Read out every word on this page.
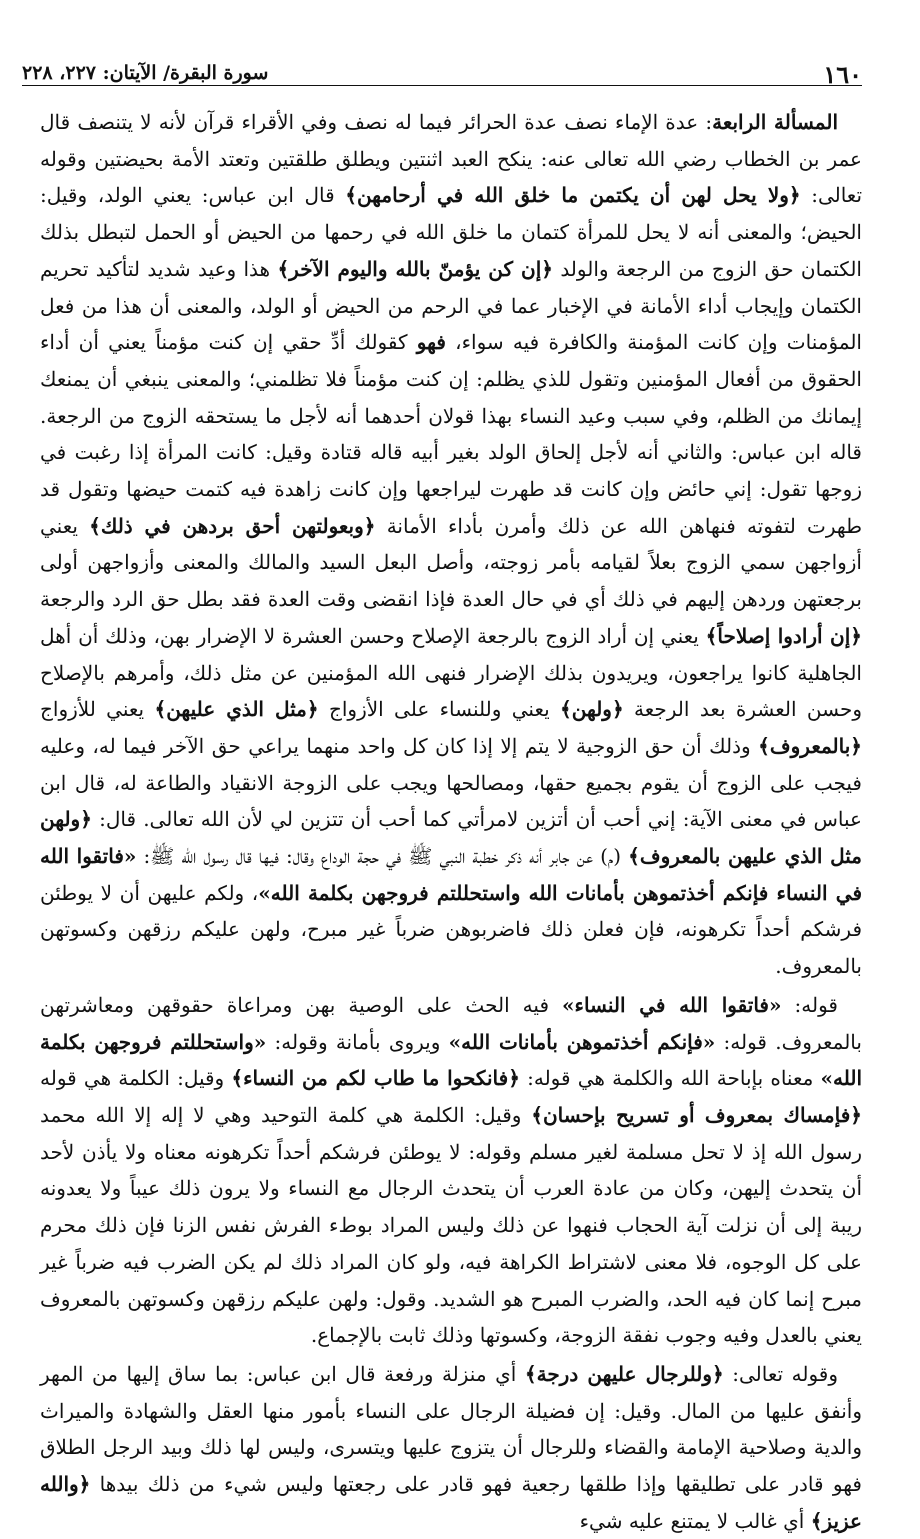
١٦٠
سورة البقرة/ الآيتان: ٢٢٧، ٢٢٨

المسألة الرابعة: عدة الإماء نصف عدة الحرائر فيما له نصف وفي الأقراء قرآن لأنه لا يتنصف قال عمر بن الخطاب رضي الله تعالى عنه: ينكح العبد اثنتين ويطلق طلقتين وتعتد الأمة بحيضتين وقوله تعالى: ﴿ولا يحل لهن أن يكتمن ما خلق الله في أرحامهن﴾ قال ابن عباس: يعني الولد، وقيل: الحيض؛ والمعنى أنه لا يحل للمرأة كتمان ما خلق الله في رحمها من الحيض أو الحمل لتبطل بذلك الكتمان حق الزوج من الرجعة والولد ﴿إن كن يؤمنّ بالله واليوم الآخر﴾ هذا وعيد شديد لتأكيد تحريم الكتمان وإيجاب أداء الأمانة في الإخبار عما في الرحم من الحيض أو الولد، والمعنى أن هذا من فعل المؤمنات وإن كانت المؤمنة والكافرة فيه سواء، فهو كقولك أدِّ حقي إن كنت مؤمناً يعني أن أداء الحقوق من أفعال المؤمنين وتقول للذي يظلم: إن كنت مؤمناً فلا تظلمني؛ والمعنى ينبغي أن يمنعك إيمانك من الظلم، وفي سبب وعيد النساء بهذا قولان أحدهما أنه لأجل ما يستحقه الزوج من الرجعة. قاله ابن عباس: والثاني أنه لأجل إلحاق الولد بغير أبيه قاله قتادة وقيل: كانت المرأة إذا رغبت في زوجها تقول: إني حائض وإن كانت قد طهرت ليراجعها وإن كانت زاهدة فيه كتمت حيضها وتقول قد طهرت لتفوته فنهاهن الله عن ذلك وأمرن بأداء الأمانة ﴿وبعولتهن أحق بردهن في ذلك﴾ يعني أزواجهن سمي الزوج بعلاً لقيامه بأمر زوجته، وأصل البعل السيد والمالك والمعنى وأزواجهن أولى برجعتهن وردهن إليهم في ذلك أي في حال العدة فإذا انقضى وقت العدة فقد بطل حق الرد والرجعة ﴿إن أرادوا إصلاحاً﴾ يعني إن أراد الزوج بالرجعة الإصلاح وحسن العشرة لا الإضرار بهن، وذلك أن أهل الجاهلية كانوا يراجعون، ويريدون بذلك الإضرار فنهى الله المؤمنين عن مثل ذلك، وأمرهم بالإصلاح وحسن العشرة بعد الرجعة ﴿ولهن﴾ يعني وللنساء على الأزواج ﴿مثل الذي عليهن﴾ يعني للأزواج ﴿بالمعروف﴾ وذلك أن حق الزوجية لا يتم إلا إذا كان كل واحد منهما يراعي حق الآخر فيما له، وعليه فيجب على الزوج أن يقوم بجميع حقها، ومصالحها ويجب على الزوجة الانقياد والطاعة له، قال ابن عباس في معنى الآية: إني أحب أن أتزين لامرأتي كما أحب أن تتزين لي لأن الله تعالى. قال: ﴿ولهن مثل الذي عليهن بالمعروف﴾ (م) عن جابر أنه ذكر خطبة النبي ﷺ في حجة الوداع وقال: فيها قال رسول الله ﷺ: «فاتقوا الله في النساء فإنكم أخذتموهن بأمانات الله واستحللتم فروجهن بكلمة الله»، ولكم عليهن أن لا يوطئن فرشكم أحداً تكرهونه، فإن فعلن ذلك فاضربوهن ضرباً غير مبرح، ولهن عليكم رزقهن وكسوتهن بالمعروف.

قوله: «فاتقوا الله في النساء» فيه الحث على الوصية بهن ومراعاة حقوقهن ومعاشرتهن بالمعروف. قوله: «فإنكم أخذتموهن بأمانات الله» ويروى بأمانة وقوله: «واستحللتم فروجهن بكلمة الله» معناه بإباحة الله والكلمة هي قوله: ﴿فانكحوا ما طاب لكم من النساء﴾ وقيل: الكلمة هي قوله ﴿فإمساك بمعروف أو تسريح بإحسان﴾ وقيل: الكلمة هي كلمة التوحيد وهي لا إله إلا الله محمد رسول الله إذ لا تحل مسلمة لغير مسلم وقوله: لا يوطئن فرشكم أحداً تكرهونه معناه ولا يأذن لأحد أن يتحدث إليهن، وكان من عادة العرب أن يتحدث الرجال مع النساء ولا يرون ذلك عيباً ولا يعدونه ريبة إلى أن نزلت آية الحجاب فنهوا عن ذلك وليس المراد بوطء الفرش نفس الزنا فإن ذلك محرم على كل الوجوه، فلا معنى لاشتراط الكراهة فيه، ولو كان المراد ذلك لم يكن الضرب فيه ضرباً غير مبرح إنما كان فيه الحد، والضرب المبرح هو الشديد. وقول: ولهن عليكم رزقهن وكسوتهن بالمعروف يعني بالعدل وفيه وجوب نفقة الزوجة، وكسوتها وذلك ثابت بالإجماع.

وقوله تعالى: ﴿وللرجال عليهن درجة﴾ أي منزلة ورفعة قال ابن عباس: بما ساق إليها من المهر وأنفق عليها من المال. وقيل: إن فضيلة الرجال على النساء بأمور منها العقل والشهادة والميراث والدية وصلاحية الإمامة والقضاء وللرجال أن يتزوج عليها ويتسرى، وليس لها ذلك وبيد الرجل الطلاق فهو قادر على تطليقها وإذا طلقها رجعية فهو قادر على رجعتها وليس شيء من ذلك بيدها ﴿والله عزيز﴾ أي غالب لا يمتنع عليه شيء
